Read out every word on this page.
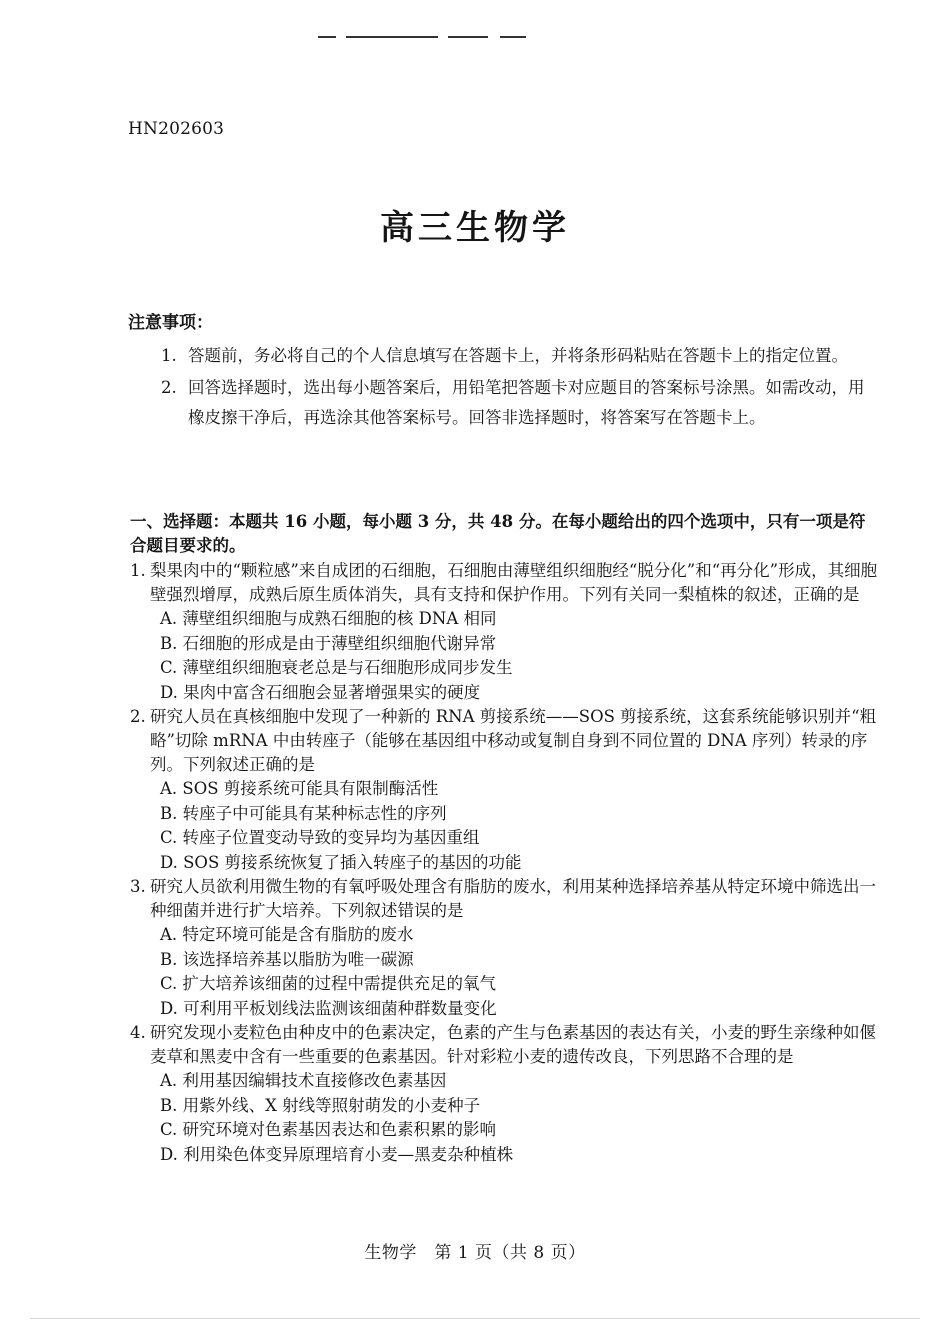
HN202603
高三生物学
注意事项：
1. 答题前，务必将自己的个人信息填写在答题卡上，并将条形码粘贴在答题卡上的指定位置。
2. 回答选择题时，选出每小题答案后，用铅笔把答题卡对应题目的答案标号涂黑。如需改动，用橡皮擦干净后，再选涂其他答案标号。回答非选择题时，将答案写在答题卡上。
一、选择题：本题共 16 小题，每小题 3 分，共 48 分。在每小题给出的四个选项中，只有一项是符合题目要求的。
1. 梨果肉中的“颗粒感”来自成团的石细胞，石细胞由薄壁组织细胞经“脱分化”和“再分化”形成，其细胞壁强烈增厚，成熟后原生质体消失，具有支持和保护作用。下列有关同一梨植株的叙述，正确的是
A. 薄壁组织细胞与成熟石细胞的核 DNA 相同
B. 石细胞的形成是由于薄壁组织细胞代谢异常
C. 薄壁组织细胞衰老总是与石细胞形成同步发生
D. 果肉中富含石细胞会显著增强果实的硬度
2. 研究人员在真核细胞中发现了一种新的 RNA 剪接系统——SOS 剪接系统，这套系统能够识别并“粗略”切除 mRNA 中由转座子（能够在基因组中移动或复制自身到不同位置的 DNA 序列）转录的序列。下列叙述正确的是
A. SOS 剪接系统可能具有限制酶活性
B. 转座子中可能具有某种标志性的序列
C. 转座子位置变动导致的变异均为基因重组
D. SOS 剪接系统恢复了插入转座子的基因的功能
3. 研究人员欲利用微生物的有氧呼吸处理含有脂肪的废水，利用某种选择培养基从特定环境中筛选出一种细菌并进行扩大培养。下列叙述错误的是
A. 特定环境可能是含有脂肪的废水
B. 该选择培养基以脂肪为唯一碳源
C. 扩大培养该细菌的过程中需提供充足的氧气
D. 可利用平板划线法监测该细菌种群数量变化
4. 研究发现小麦粒色由种皮中的色素决定，色素的产生与色素基因的表达有关，小麦的野生亲缘种如偃麦草和黑麦中含有一些重要的色素基因。针对彩粒小麦的遗传改良，下列思路不合理的是
A. 利用基因编辑技术直接修改色素基因
B. 用紫外线、X 射线等照射萌发的小麦种子
C. 研究环境对色素基因表达和色素积累的影响
D. 利用染色体变异原理培育小麦—黑麦杂种植株
生物学　第 1 页（共 8 页）
